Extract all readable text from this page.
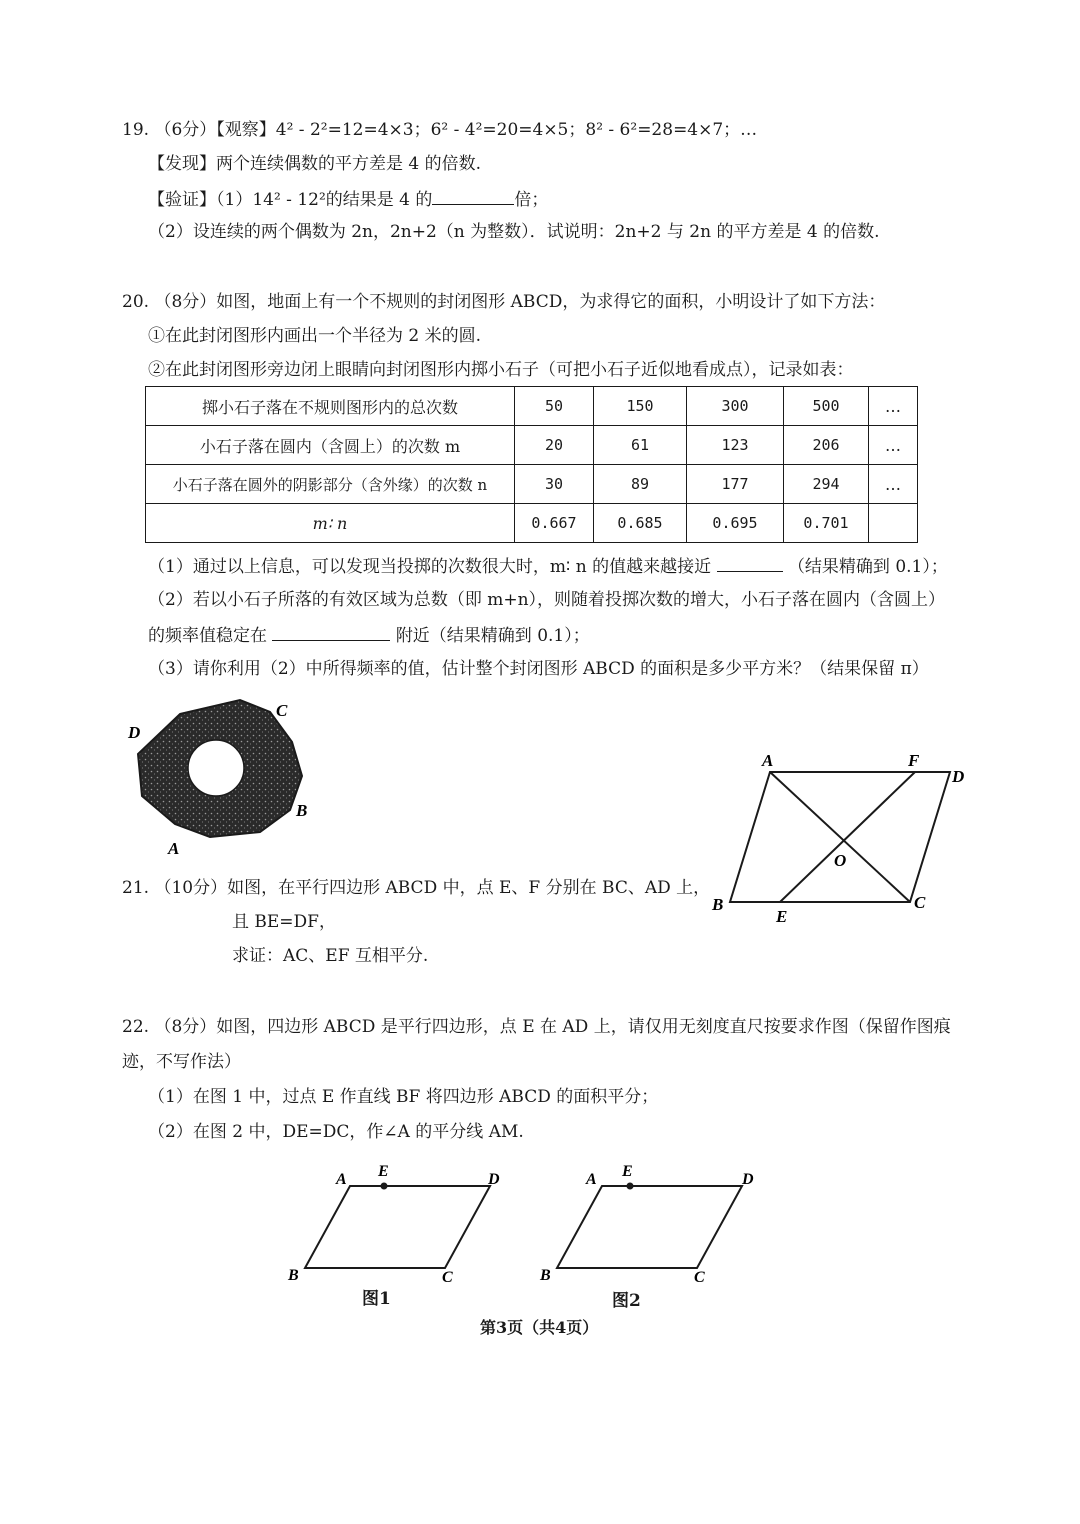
19. （6分）【观察】4² - 2²=12=4×3；6² - 4²=20=4×5；8² - 6²=28=4×7；…
【发现】两个连续偶数的平方差是 4 的倍数.
【验证】（1）14² - 12²的结果是 4 的	倍；
（2）设连续的两个偶数为 2n，2n+2（n 为整数）．试说明：2n+2 与 2n 的平方差是 4 的倍数.
20. （8分）如图，地面上有一个不规则的封闭图形 ABCD，为求得它的面积，小明设计了如下方法：
①在此封闭图形内画出一个半径为 2 米的圆.
②在此封闭图形旁边闭上眼睛向封闭图形内掷小石子（可把小石子近似地看成点），记录如表：
掷小石子落在不规则图形内的总次数	50	150	300	500	…
小石子落在圆内（含圆上）的次数 m	20	61	123	206	…
小石子落在圆外的阴影部分（含外缘）的次数 n	30	89	177	294	…
m∶ n	0.667	0.685	0.695	0.701	
（1）通过以上信息，可以发现当投掷的次数很大时，m∶ n 的值越来越接近	（结果精确到 0.1）；
（2）若以小石子所落的有效区域为总数（即 m+n），则随着投掷次数的增大，小石子落在圆内（含圆上）
的频率值稳定在	附近（结果精确到 0.1）；
（3）请你利用（2）中所得频率的值，估计整个封闭图形 ABCD 的面积是多少平方米？（结果保留 π）
D
C
B
A
21. （10分）如图，在平行四边形 ABCD 中，点 E、F 分别在 BC、AD 上，
且 BE=DF，
求证：AC、EF 互相平分.
A	F
D
O
B	C
E
22. （8分）如图，四边形 ABCD 是平行四边形，点 E 在 AD 上，请仅用无刻度直尺按要求作图（保留作图痕
迹，不写作法）
（1）在图 1 中，过点 E 作直线 BF 将四边形 ABCD 的面积平分；
（2）在图 2 中，DE=DC，作∠A 的平分线 AM.
A E	D
B	C
图1
A E	D
B	C
图2
第3页（共4页）
